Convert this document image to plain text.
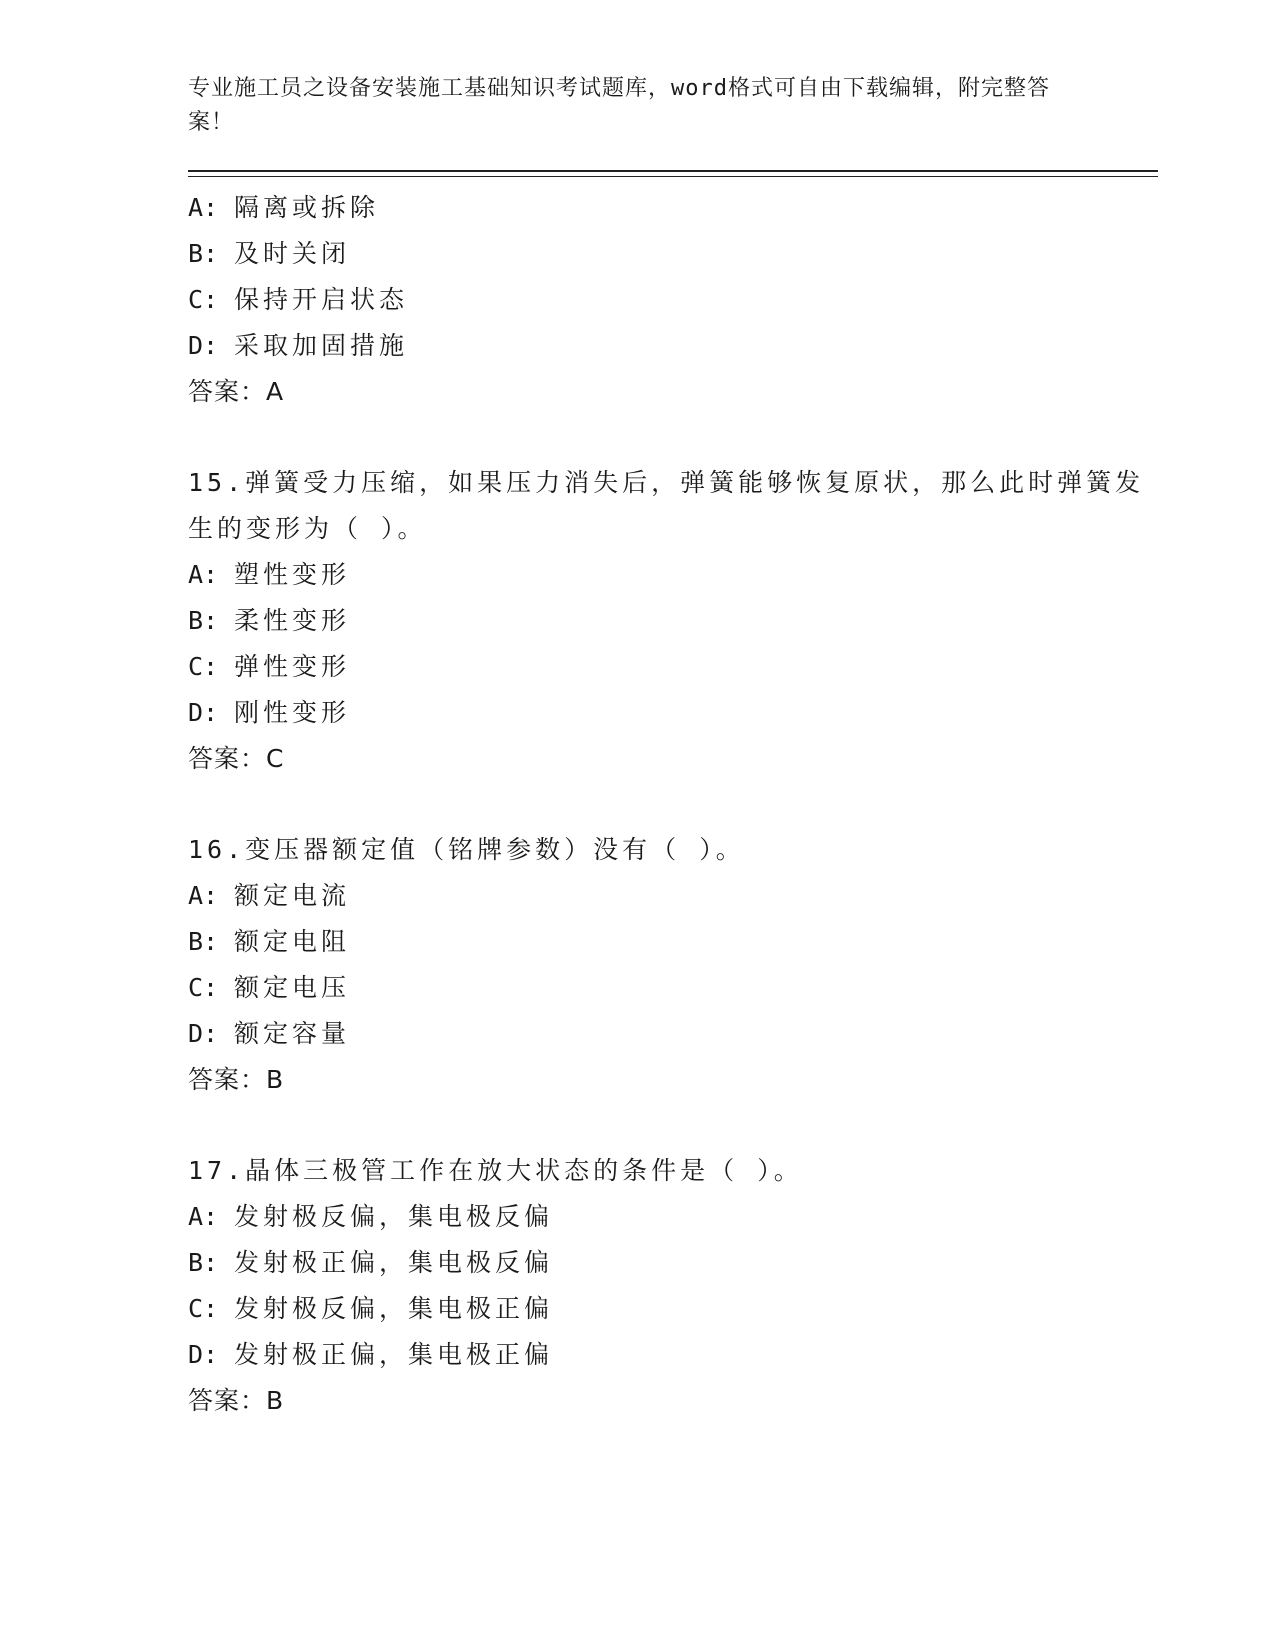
专业施工员之设备安装施工基础知识考试题库，word格式可自由下载编辑，附完整答案！

A: 隔离或拆除

B: 及时关闭

C: 保持开启状态

D: 采取加固措施

答案：A

15.弹簧受力压缩，如果压力消失后，弹簧能够恢复原状，那么此时弹簧发生的变形为（ ）。

A: 塑性变形

B: 柔性变形

C: 弹性变形

D: 刚性变形

答案：C

16.变压器额定值（铭牌参数）没有（ ）。

A: 额定电流

B: 额定电阻

C: 额定电压

D: 额定容量

答案：B

17.晶体三极管工作在放大状态的条件是（ ）。

A: 发射极反偏，集电极反偏

B: 发射极正偏，集电极反偏

C: 发射极反偏，集电极正偏

D: 发射极正偏，集电极正偏

答案：B
